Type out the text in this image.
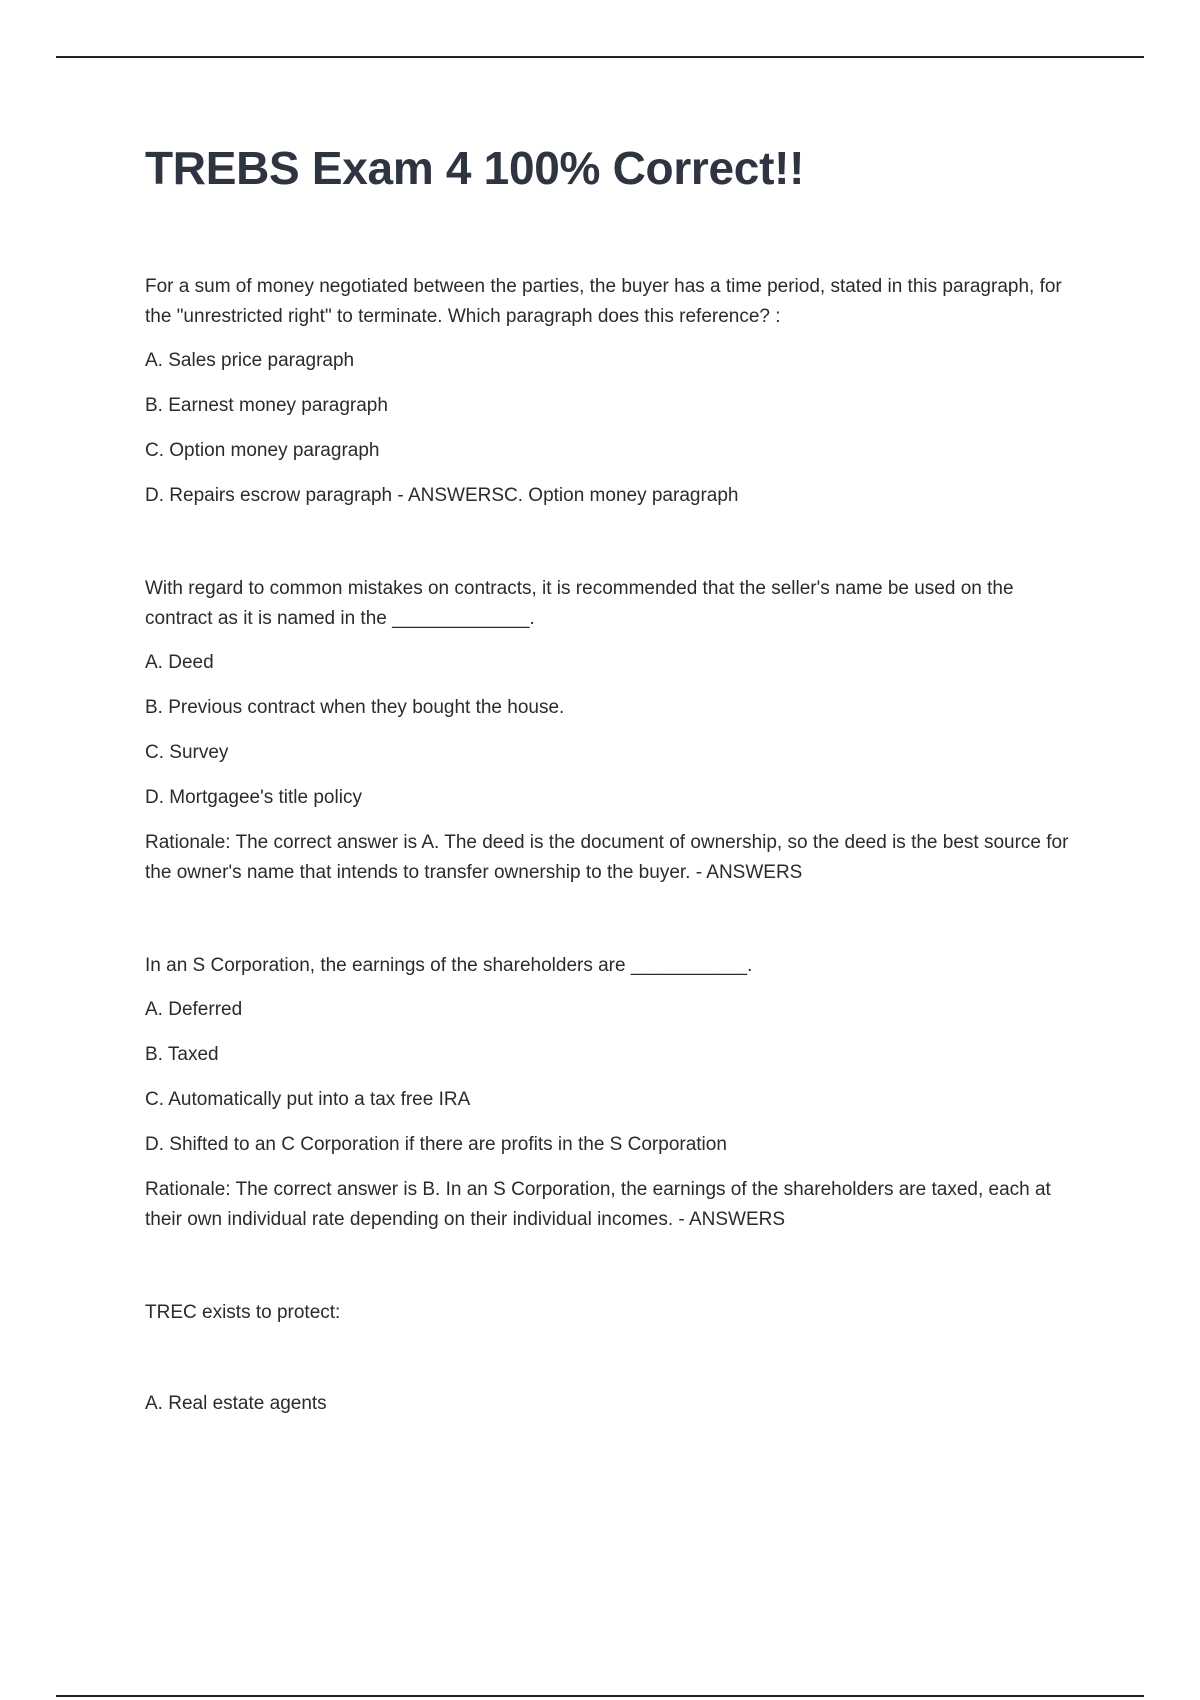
TREBS Exam 4 100% Correct!!

For a sum of money negotiated between the parties, the buyer has a time period, stated in this paragraph, for the "unrestricted right" to terminate. Which paragraph does this reference? :

A. Sales price paragraph

B. Earnest money paragraph

C. Option money paragraph

D. Repairs escrow paragraph - ANSWERSC. Option money paragraph

With regard to common mistakes on contracts, it is recommended that the seller's name be used on the contract as it is named in the _____________.

A. Deed

B. Previous contract when they bought the house.

C. Survey

D. Mortgagee's title policy

Rationale: The correct answer is A. The deed is the document of ownership, so the deed is the best source for the owner's name that intends to transfer ownership to the buyer. - ANSWERS

In an S Corporation, the earnings of the shareholders are ___________.

A. Deferred

B. Taxed

C. Automatically put into a tax free IRA

D. Shifted to an C Corporation if there are profits in the S Corporation

Rationale: The correct answer is B. In an S Corporation, the earnings of the shareholders are taxed, each at their own individual rate depending on their individual incomes. - ANSWERS

TREC exists to protect:

A. Real estate agents
